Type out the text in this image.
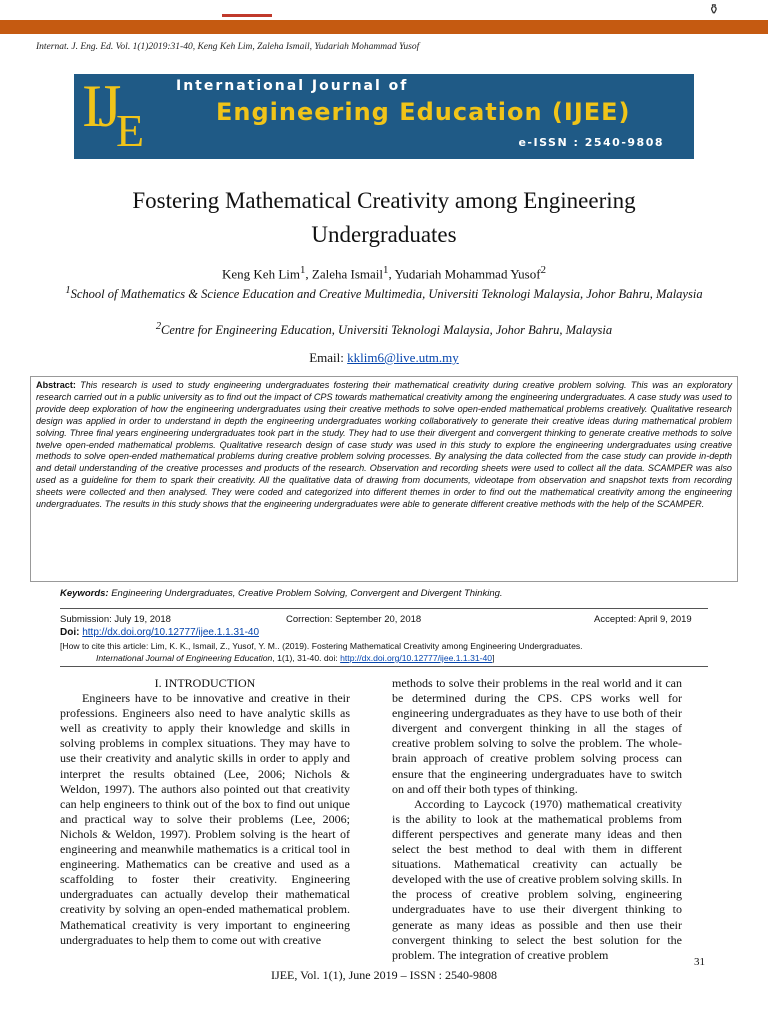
⚱
Internat. J. Eng. Ed. Vol. 1(1)2019:31-40, Keng Keh Lim, Zaleha Ismail, Yudariah Mohammad Yusof
IJ
E
International Journal of
Engineering Education (IJEE)
e-ISSN : 2540-9808
Fostering Mathematical Creativity among Engineering
Undergraduates
Keng Keh Lim$^1$, Zaleha Ismail$^1$, Yudariah Mohammad Yusof$^2$
$^1$School of Mathematics & Science Education and Creative Multimedia, Universiti Teknologi Malaysia, Johor Bahru, Malaysia
$^2$Centre for Engineering Education, Universiti Teknologi Malaysia, Johor Bahru, Malaysia
Email: kklim6@live.utm.my

Abstract: This research is used to study engineering undergraduates fostering their mathematical creativity during creative problem solving. This was an exploratory research carried out in a public university as to find out the impact of CPS towards mathematical creativity among the engineering undergraduates. A case study was used to provide deep exploration of how the engineering undergraduates using their creative methods to solve open-ended mathematical problems creatively. Qualitative research design was applied in order to understand in depth the engineering undergraduates working collaboratively to generate their creative ideas during mathematical problem solving. Three final years engineering undergraduates took part in the study. They had to use their divergent and convergent thinking to generate creative methods to solve twelve open-ended mathematical problems. Qualitative research design of case study was used in this study to explore the engineering undergraduates using creative methods to solve open-ended mathematical problems during creative problem solving processes. By analysing the data collected from the case study can provide in-depth and detail understanding of the creative processes and products of the research. Observation and recording sheets were used to collect all the data. SCAMPER was also used as a guideline for them to spark their creativity. All the qualitative data of drawing from documents, videotape from observation and snapshot texts from recording sheets were collected and then analysed. They were coded and categorized into different themes in order to find out the mathematical creativity among the engineering undergraduates. The results in this study shows that the engineering undergraduates were able to generate different creative methods with the help of the SCAMPER.

Keywords: Engineering Undergraduates, Creative Problem Solving, Convergent and Divergent Thinking.
Submission: July 19, 2018	Correction: September 20, 2018	Accepted: April 9, 2019
Doi: http://dx.doi.org/10.12777/ijee.1.1.31-40
[How to cite this article: Lim, K. K., Ismail, Z., Yusof, Y. M.. (2019). Fostering Mathematical Creativity among Engineering Undergraduates.
International Journal of Engineering Education, 1(1), 31-40. doi: http://dx.doi.org/10.12777/ijee.1.1.31-40]
I. INTRODUCTION

Engineers have to be innovative and creative in their professions. Engineers also need to have analytic skills as well as creativity to apply their knowledge and skills in solving problems in complex situations. They may have to use their creativity and analytic skills in order to apply and interpret the results obtained (Lee, 2006; Nichols & Weldon, 1997). The authors also pointed out that creativity can help engineers to think out of the box to find out unique and practical way to solve their problems (Lee, 2006; Nichols & Weldon, 1997). Problem solving is the heart of engineering and meanwhile mathematics is a critical tool in engineering. Mathematics can be creative and used as a scaffolding to foster their creativity. Engineering undergraduates can actually develop their mathematical creativity by solving an open-ended mathematical problem. Mathematical creativity is very important to engineering undergraduates to help them to come out with creative

methods to solve their problems in the real world and it can be determined during the CPS. CPS works well for engineering undergraduates as they have to use both of their divergent and convergent thinking in all the stages of creative problem solving to solve the problem. The whole-brain approach of creative problem solving process can ensure that the engineering undergraduates have to switch on and off their both types of thinking.

According to Laycock (1970) mathematical creativity is the ability to look at the mathematical problems from different perspectives and generate many ideas and then select the best method to deal with them in different situations. Mathematical creativity can actually be developed with the use of creative problem solving skills. In the process of creative problem solving, engineering undergraduates have to use their divergent thinking to generate as many ideas as possible and then use their convergent thinking to select the best solution for the problem. The integration of creative problem

31
IJEE, Vol. 1(1), June 2019 – ISSN : 2540-9808
